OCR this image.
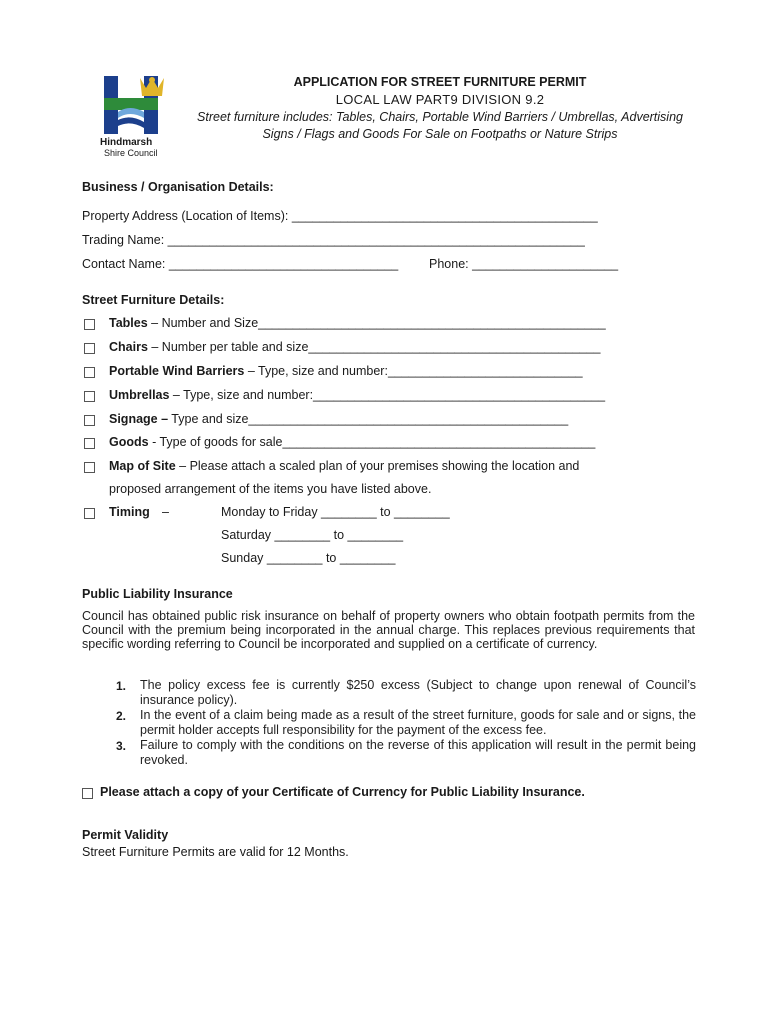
Hindmarsh
Shire Council
APPLICATION FOR STREET FURNITURE PERMIT
LOCAL LAW PART9 DIVISION 9.2
Street furniture includes: Tables, Chairs, Portable Wind Barriers / Umbrellas, Advertising Signs / Flags and Goods For Sale on Footpaths or Nature Strips
Business / Organisation Details:
Property Address (Location of Items): ____________________________________________
Trading Name: ____________________________________________________________
Contact Name: _________________________________ Phone: _____________________
Street Furniture Details:
Tables – Number and Size__________________________________________________
Chairs – Number per table and size__________________________________________
Portable Wind Barriers – Type, size and number:____________________________
Umbrellas – Type, size and number:__________________________________________
Signage – Type and size______________________________________________
Goods - Type of goods for sale_____________________________________________
Map of Site – Please attach a scaled plan of your premises showing the location and
proposed arrangement of the items you have listed above.
Timing –	Monday to Friday ________ to ________
Saturday ________ to ________
Sunday ________ to ________
Public Liability Insurance
Council has obtained public risk insurance on behalf of property owners who obtain footpath permits from the Council with the premium being incorporated in the annual charge. This replaces previous requirements that specific wording referring to Council be incorporated and supplied on a certificate of currency.
1. The policy excess fee is currently $250 excess (Subject to change upon renewal of Council’s insurance policy).
2. In the event of a claim being made as a result of the street furniture, goods for sale and or signs, the permit holder accepts full responsibility for the payment of the excess fee.
3. Failure to comply with the conditions on the reverse of this application will result in the permit being revoked.
Please attach a copy of your Certificate of Currency for Public Liability Insurance.
Permit Validity
Street Furniture Permits are valid for 12 Months.
